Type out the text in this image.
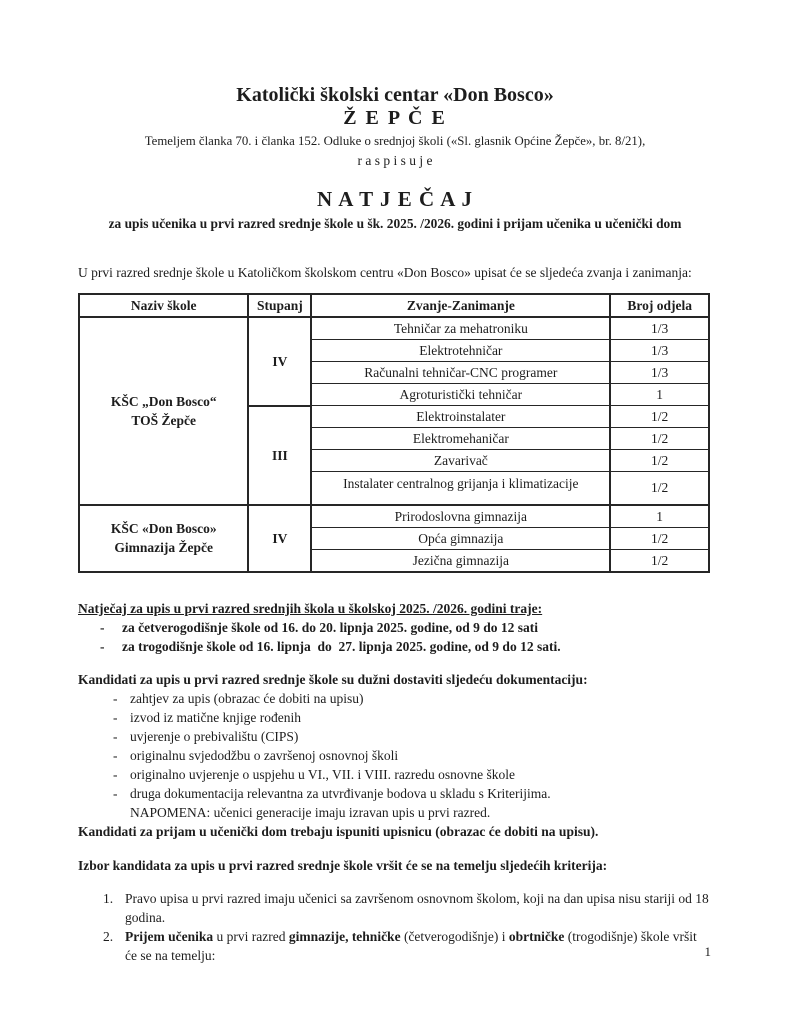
Katolički školski centar «Don Bosco»
Ž E P Č E
Temeljem članka 70. i članka 152. Odluke o srednjoj školi («Sl. glasnik Općine Žepče», br. 8/21),
r a s p i s u j e
N A T J E Č A J
za upis učenika u prvi razred srednje škole u šk. 2025. /2026. godini i prijam učenika u učenički dom
U prvi razred srednje škole u Katoličkom školskom centru «Don Bosco» upisat će se sljedeća zvanja i zanimanja:
Naziv škole	Stupanj	Zvanje-Zanimanje	Broj odjela

KŠC „Don Bosco“
TOŠ Žepče	IV	Tehničar za mehatroniku	1/3
		Elektrotehničar	1/3
		Računalni tehničar-CNC programer	1/3
		Agroturistički tehničar	1
	III	Elektroinstalater	1/2
		Elektromehaničar	1/2
		Zavarivač	1/2
		Instalater centralnog grijanja i klimatizacije	1/2

KŠC «Don Bosco»
Gimnazija Žepče	IV	Prirodoslovna gimnazija	1
		Opća gimnazija	1/2
		Jezična gimnazija	1/2
Natječaj za upis u prvi razred srednjih škola u školskoj 2025. /2026. godini traje:
-	za četverogodišnje škole od 16. do 20. lipnja 2025. godine, od 9 do 12 sati
-	za trogodišnje škole od 16. lipnja  do  27. lipnja 2025. godine, od 9 do 12 sati.
Kandidati za upis u prvi razred srednje škole su dužni dostaviti sljedeću dokumentaciju:
- zahtjev za upis (obrazac će dobiti na upisu)
- izvod iz matične knjige rođenih
- uvjerenje o prebivalištu (CIPS)
- originalnu svjedodžbu o završenoj osnovnoj školi
- originalno uvjerenje o uspjehu u VI., VII. i VIII. razredu osnovne škole
- druga dokumentacija relevantna za utvrđivanje bodova u skladu s Kriterijima.
NAPOMENA: učenici generacije imaju izravan upis u prvi razred.
Kandidati za prijam u učenički dom trebaju ispuniti upisnicu (obrazac će dobiti na upisu).
Izbor kandidata za upis u prvi razred srednje škole vršit će se na temelju sljedećih kriterija:
1. Pravo upisa u prvi razred imaju učenici sa završenom osnovnom školom, koji na dan upisa nisu stariji od 18 godina.
2. Prijem učenika u prvi razred gimnazije, tehničke (četverogodišnje) i obrtničke (trogodišnje) škole vršit će se na temelju:	1
